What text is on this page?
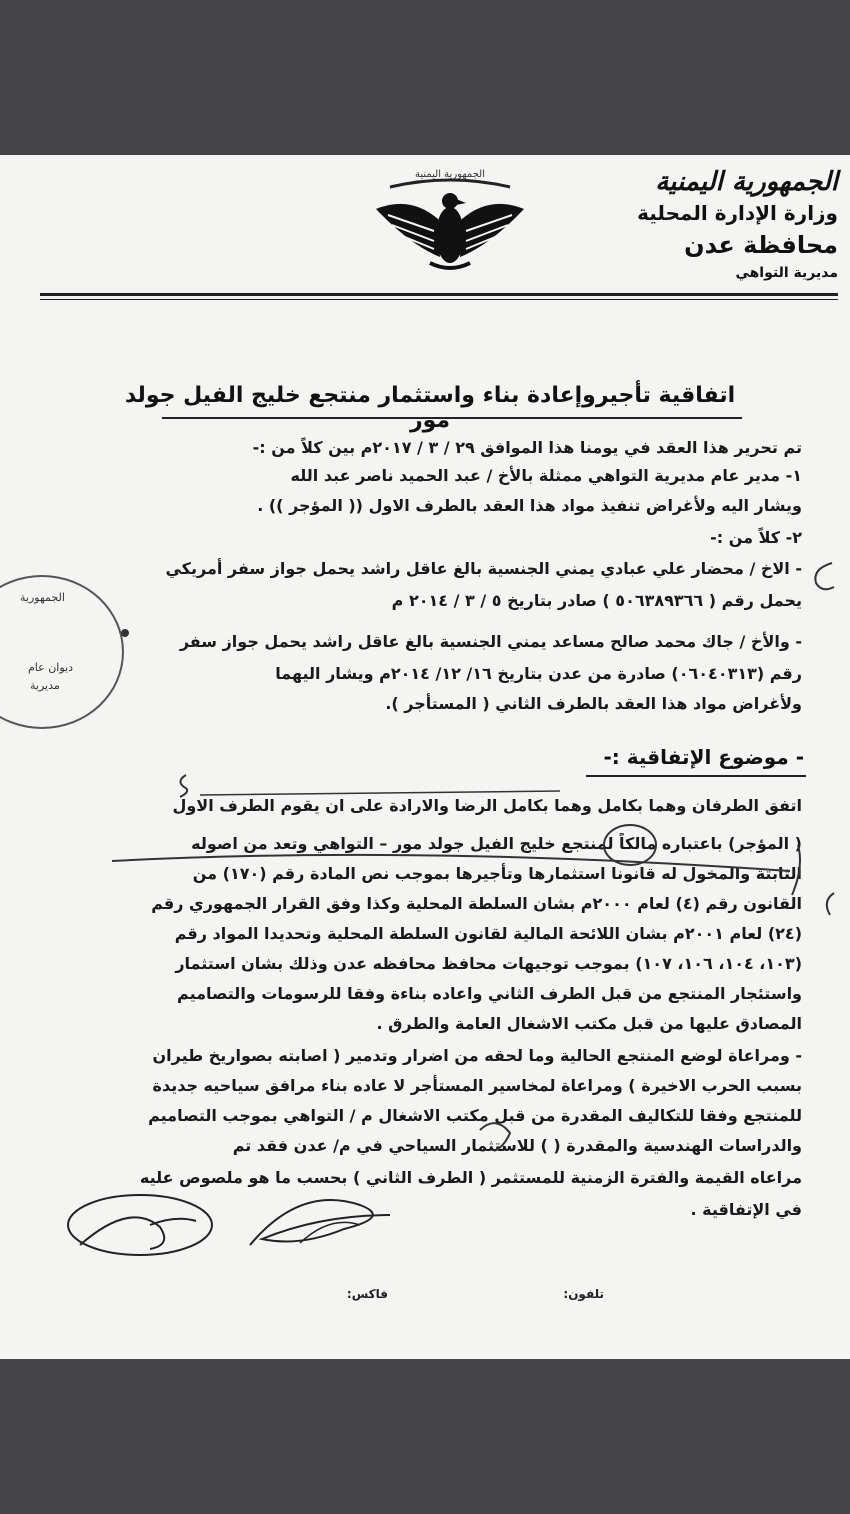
الجمهورية اليمنية
وزارة الإدارة المحلية
محافظة عدن
مديرية التواهي
الجمهورية اليمنية
اتفاقية تأجيروإعادة بناء واستثمار منتجع خليج الفيل جولد مور
تم تحرير هذا العقد في يومنا هذا الموافق ٢٩ / ٣ / ٢٠١٧م بين كلاً من :-
١- مدير عام مديرية التواهي ممثلة بالأخ / عبد الحميد ناصر عبد الله
ويشار اليه ولأغراض تنفيذ مواد هذا العقد بالطرف الاول (( المؤجر )) .
٢- كلاً من :-
- الاخ / محضار علي عبادي يمني الجنسية بالغ عاقل راشد يحمل جواز سفر أمريكي
يحمل رقم ( ٥٠٦٣٨٩٣٦٦ ) صادر بتاريخ ٥ / ٣ / ٢٠١٤ م
- والأخ / جاك محمد صالح مساعد يمني الجنسية بالغ عاقل راشد يحمل جواز سفر
رقم (٠٦٠٤٠٣١٣) صادرة من عدن بتاريخ ١٦/ ١٢/ ٢٠١٤م ويشار اليهما
ولأغراض مواد هذا العقد بالطرف الثاني ( المستأجر ).
- موضوع الإتفاقية :-
اتفق الطرفان وهما بكامل وهما بكامل الرضا والارادة على ان يقوم الطرف الاول
( المؤجر) باعتباره مالكاً لمنتجع خليج الفيل جولد مور – التواهي وتعد من اصوله
الثابتة والمخول له قانونا استثمارها وتأجيرها بموجب نص المادة رقم (١٧٠) من
القانون رقم (٤) لعام ٢٠٠٠م بشان السلطة المحلية وكذا وفق القرار الجمهوري رقم
(٢٤) لعام ٢٠٠١م بشان اللائحة المالية لقانون السلطة المحلية وتحديدا المواد رقم
(١٠٣، ١٠٤، ١٠٦، ١٠٧) بموجب توجيهات محافظ محافظه عدن وذلك بشان استثمار
واستئجار المنتجع من قبل الطرف الثاني واعاده بناءة وفقا للرسومات والتصاميم
المصادق عليها من قبل مكتب الاشغال العامة والطرق .
- ومراعاة لوضع المنتجع الحالية وما لحقه من اضرار وتدمير ( اصابته بصواريخ طيران
بسبب الحرب الاخيرة ) ومراعاة لمخاسير المستأجر لا عاده بناء مرافق سياحيه جديدة
للمنتجع وفقا للتكاليف المقدرة من قبل مكتب الاشغال م / التواهي بموجب التصاميم
والدراسات الهندسية والمقدرة ( ) للاستثمار السياحي في م/ عدن فقد تم
مراعاه القيمة والفترة الزمنية للمستثمر ( الطرف الثاني ) بحسب ما هو ملصوص عليه
في الإتفاقية .
الجمهورية
ديوان عام
مديرية
تلفون:
فاكس:
